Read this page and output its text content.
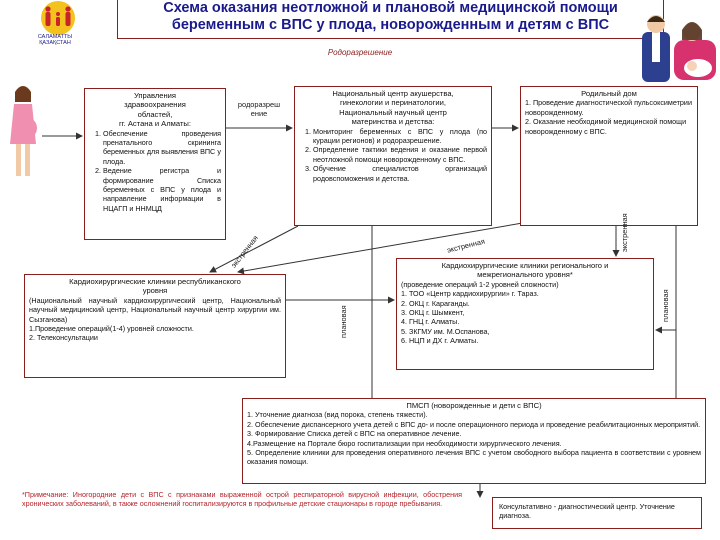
САЛАМАТТЫ
ҚАЗАҚСТАН
Схема оказания неотложной и плановой медицинской помощи
беременным с ВПС у плода, новорожденным и детям с ВПС
Родоразрешение
Управления
здравоохранения
областей,
гг. Астана и Алматы:
1. Обеспечение проведения пренатального скрининга беременных для выявления ВПС у плода.
2. Ведение регистра и формирование Списка беременных с ВПС у плода и направление информации в НЦАГП и ННМЦД
родоразреш ение
Национальный центр акушерства,
гинекологии и перинатологии,
Национальный научный центр
материнства и детства:
1. Мониторинг беременных с ВПС у плода (по курации регионов) и родоразрешение.
2. Определение тактики ведения и оказание первой неотложной помощи новорожденному с ВПС.
3. Обучение специалистов организаций родовспоможения и детства.
Родильный дом
1. Проведение диагностической пульсоксиметрии новорожденному.
2. Оказание необходимой медицинской помощи новорожденному с ВПС.
экстренная	экстренная	экстренная
плановая	плановая
Кардиохирургические клиники республиканского
уровня
(Национальный научный кардиохирургический центр, Национальный научный медицинский центр, Национальный научный центр хирургии им. Сызганова)
1.Проведение операций(1-4) уровней сложности.
2. Телеконсультации
Кардиохирургические клиники регионального и
межрегионального уровня*
(проведение операций 1-2 уровней сложности)
1. ТОО «Центр кардиохирургии» г. Тараз.
2. ОКЦ г. Караганды.
3. ОКЦ г. Шымкент,
4. ГНЦ г. Алматы.
5. ЗКГМУ им. М.Оспанова,
6. НЦП и ДХ г. Алматы.
ПМСП (новорожденные и дети с ВПС)
1. Уточнение диагноза (вид порока, степень тяжести).
2. Обеспечение диспансерного учета детей с ВПС до- и после операционного периода и проведение реабилитационных мероприятий.
3. Формирование Списка детей с ВПС на оперативное лечение.
4.Размещение на Портале бюро госпитализации при необходимости хирургического лечения.
5. Определение клиники для проведения оперативного лечения ВПС с учетом свободного выбора пациента в соответствии с уровнем оказания помощи.
Консультативно - диагностический центр. Уточнение диагноза.
*Примечание: Иногородние дети с ВПС с признаками выраженной острой респираторной вирусной инфекции, обострения хронических заболеваний, в также осложнений госпитализируются в профильные детские стационары в городе пребывания.
